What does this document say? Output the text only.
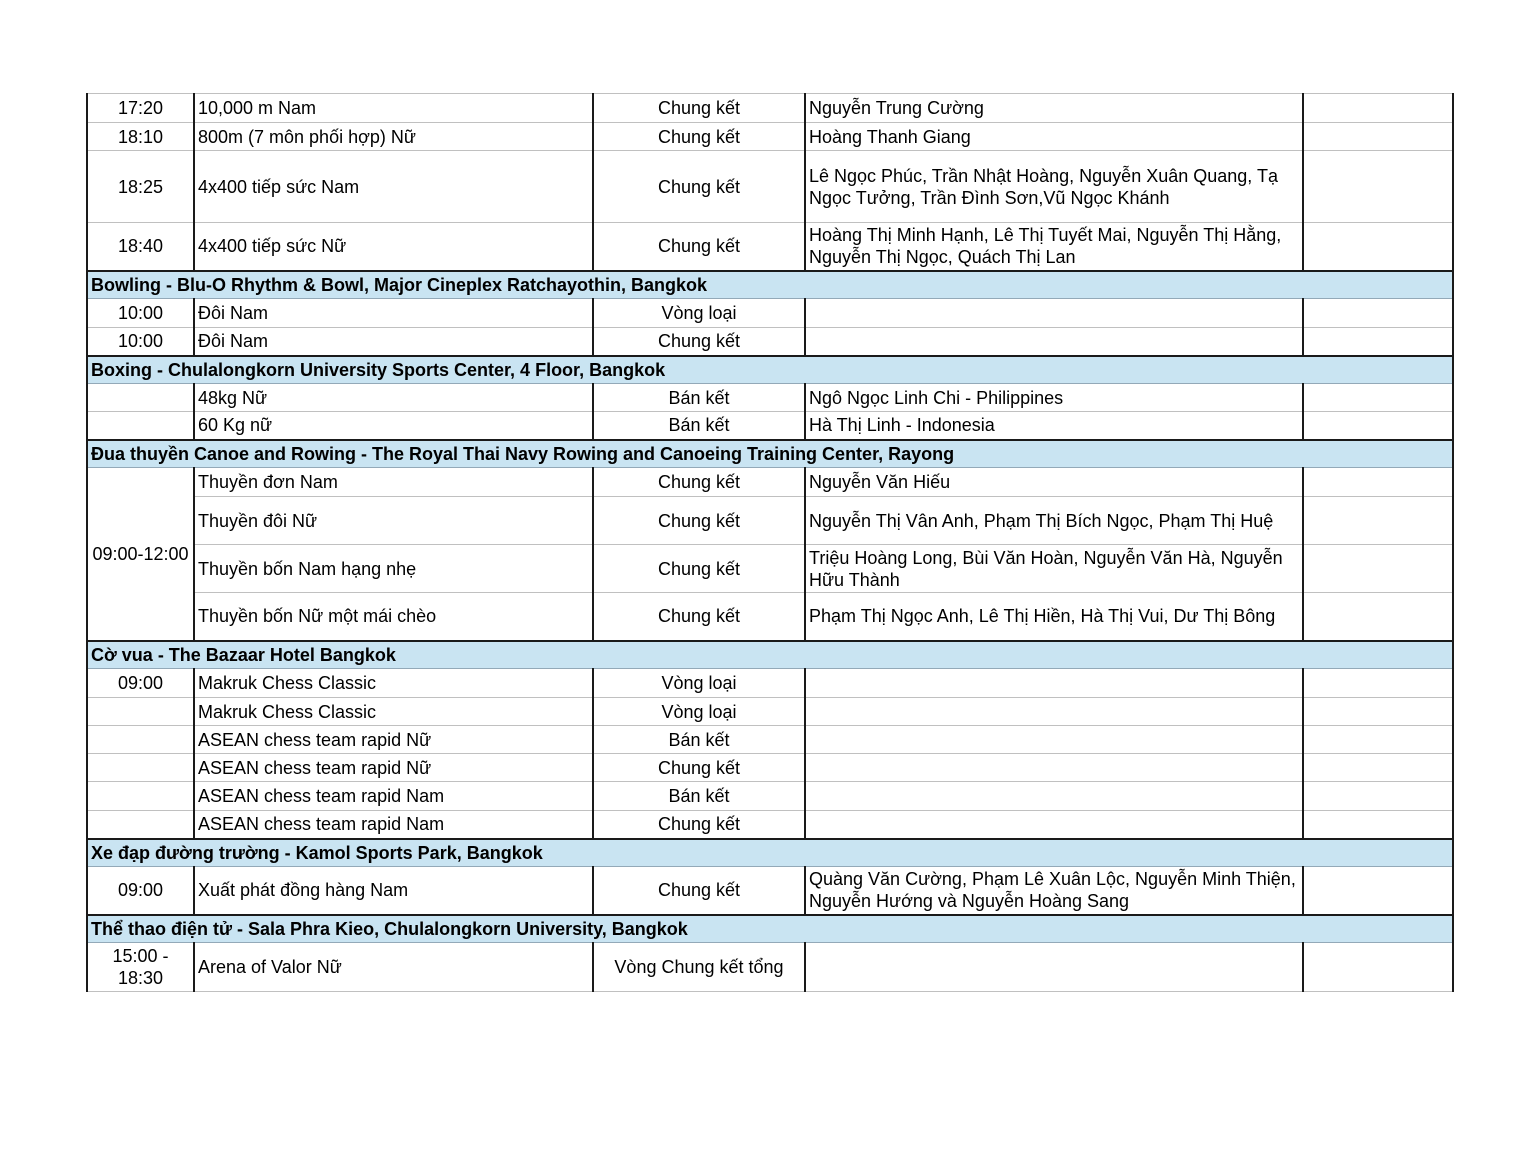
17:20	10,000 m Nam	Chung kết	Nguyễn Trung Cường	
18:10	800m (7 môn phối hợp) Nữ	Chung kết	Hoàng Thanh Giang	
18:25	4x400 tiếp sức Nam	Chung kết	Lê Ngọc Phúc, Trần Nhật Hoàng, Nguyễn Xuân Quang, Tạ Ngọc Tưởng, Trần Đình Sơn,Vũ Ngọc Khánh	
18:40	4x400 tiếp sức Nữ	Chung kết	Hoàng Thị Minh Hạnh, Lê Thị Tuyết Mai, Nguyễn Thị Hằng, Nguyễn Thị Ngọc, Quách Thị Lan	
Bowling - Blu-O Rhythm & Bowl, Major Cineplex Ratchayothin, Bangkok				
10:00	Đôi Nam	Vòng loại		
10:00	Đôi Nam	Chung kết		
Boxing - Chulalongkorn University Sports Center, 4 Floor, Bangkok				
	48kg Nữ	Bán kết	Ngô Ngọc Linh Chi - Philippines	
	60 Kg nữ	Bán kết	Hà Thị Linh - Indonesia	
Đua thuyền Canoe and Rowing - The Royal Thai Navy Rowing and Canoeing Training Center, Rayong				
09:00-12:00	Thuyền đơn Nam	Chung kết	Nguyễn Văn Hiếu	
	Thuyền đôi Nữ	Chung kết	Nguyễn Thị Vân Anh, Phạm Thị Bích Ngọc, Phạm Thị Huệ	
	Thuyền bốn Nam hạng nhẹ	Chung kết	Triệu Hoàng Long, Bùi Văn Hoàn, Nguyễn Văn Hà, Nguyễn Hữu Thành	
	Thuyền bốn Nữ một mái chèo	Chung kết	Phạm Thị Ngọc Anh, Lê Thị Hiền, Hà Thị Vui, Dư Thị Bông	
Cờ vua - The Bazaar Hotel Bangkok				
09:00	Makruk Chess Classic	Vòng loại		
	Makruk Chess Classic	Vòng loại		
	ASEAN chess team rapid Nữ	Bán kết		
	ASEAN chess team rapid Nữ	Chung kết		
	ASEAN chess team rapid Nam	Bán kết		
	ASEAN chess team rapid Nam	Chung kết		
Xe đạp đường trường - Kamol Sports Park, Bangkok				
09:00	Xuất phát đồng hàng Nam	Chung kết	Quàng Văn Cường, Phạm Lê Xuân Lộc, Nguyễn Minh Thiện, Nguyễn Hướng và Nguyễn Hoàng Sang	
Thể thao điện tử - Sala Phra Kieo, Chulalongkorn University, Bangkok				
15:00 - 18:30	Arena of Valor Nữ	Vòng Chung kết tổng		
